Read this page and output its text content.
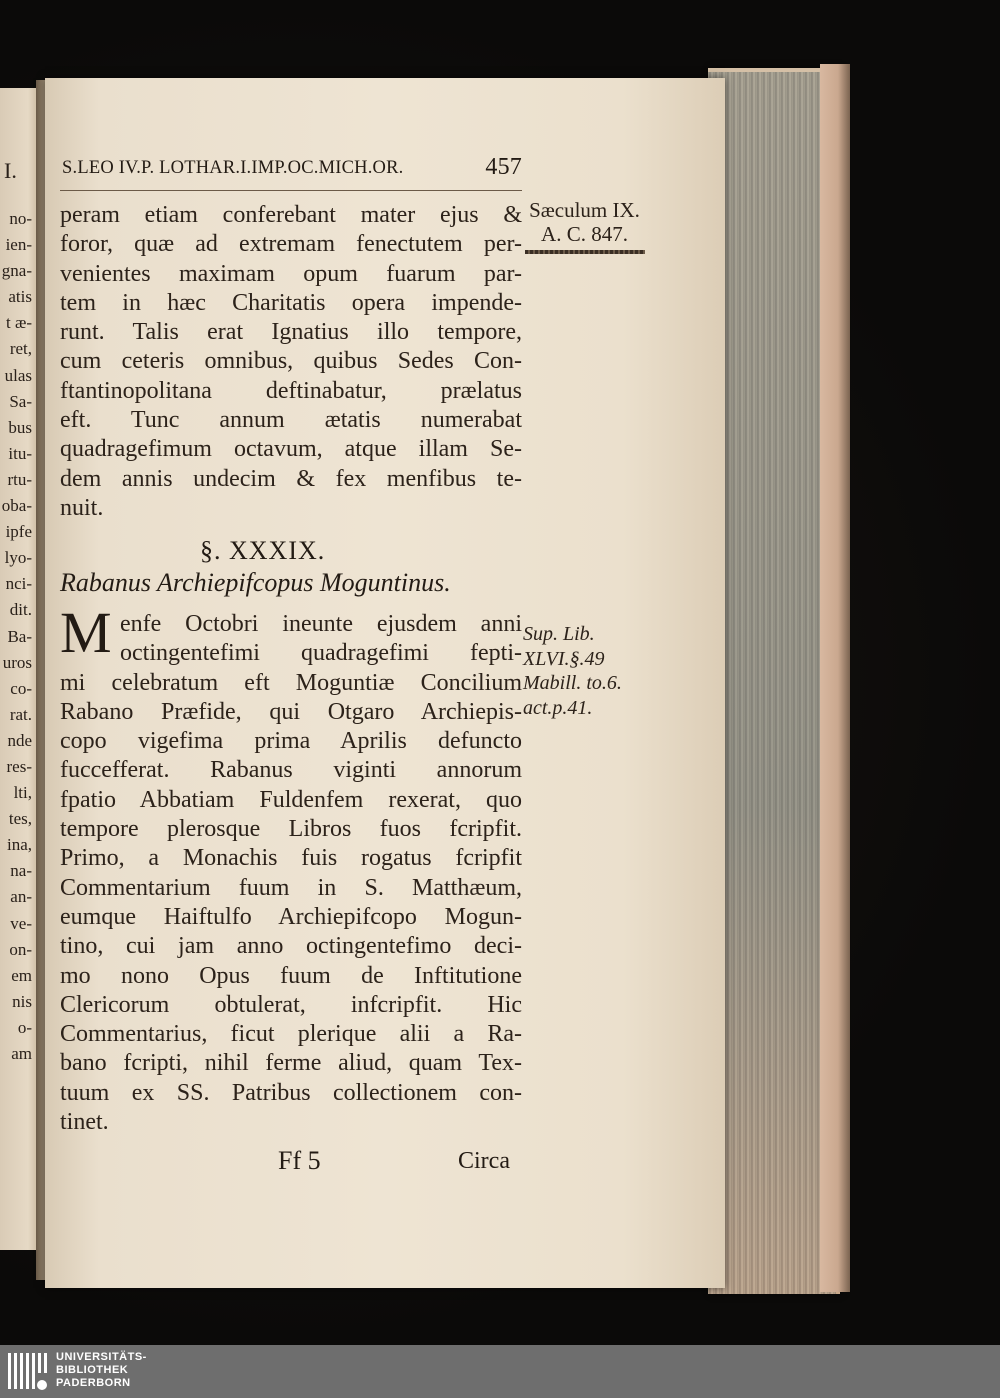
I.
no-
ien-
gna-
atis
t æ-
ret,
ulas
Sa-
bus
itu-
rtu-
oba-
ipfe
lyo-
nci-
dit.
Ba-
uros
co-
rat.
nde
res-
lti,
tes,
ina,
na-
an-
ve-
on-
em
nis
o-
am
S.LEO IV.P. LOTHAR.I.IMP.OC.MICH.OR.	457
Sæculum IX.
A. C. 847.
peram etiam conferebant mater ejus &
foror, quæ ad extremam fenectutem per-
venientes maximam opum fuarum par-
tem in hæc Charitatis opera impende-
runt. Talis erat Ignatius illo tempore,
cum ceteris omnibus, quibus Sedes Con-
ftantinopolitana deftinabatur, prælatus
eft. Tunc annum ætatis numerabat
quadragefimum octavum, atque illam Se-
dem annis undecim & fex menfibus te-
nuit.
§. XXXIX.
Rabanus Archiepifcopus Moguntinus.
M enfe Octobri ineunte ejusdem anni
octingentefimi quadragefimi fepti-
mi celebratum eft Moguntiæ Concilium
Rabano Præfide, qui Otgaro Archiepis-
copo vigefima prima Aprilis defuncto
fuccefferat. Rabanus viginti annorum
fpatio Abbatiam Fuldenfem rexerat, quo
tempore plerosque Libros fuos fcripfit.
Primo, a Monachis fuis rogatus fcripfit
Commentarium fuum in S. Matthæum,
eumque Haiftulfo Archiepifcopo Mogun-
tino, cui jam anno octingentefimo deci-
mo nono Opus fuum de Inftitutione
Clericorum obtulerat, infcripfit. Hic
Commentarius, ficut plerique alii a Ra-
bano fcripti, nihil ferme aliud, quam Tex-
tuum ex SS. Patribus collectionem con-
tinet.
Sup. Lib.
XLVI.§.49
Mabill. to.6.
act.p.41.
Ff 5	Circa
UNIVERSITÄTS-
BIBLIOTHEK
PADERBORN
